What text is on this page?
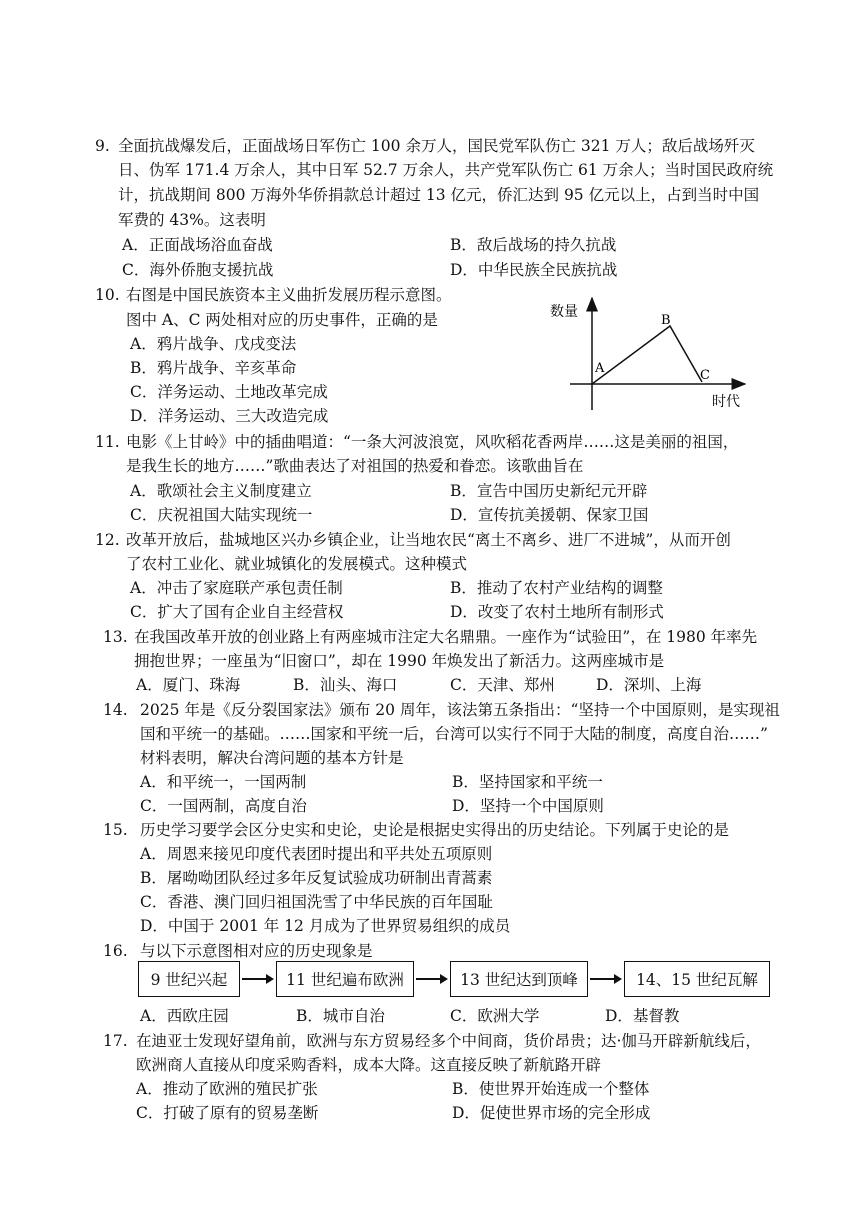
9. 全面抗战爆发后，正面战场日军伤亡 100 余万人，国民党军队伤亡 321 万人；敌后战场歼灭
日、伪军 171.4 万余人，其中日军 52.7 万余人，共产党军队伤亡 61 万余人；当时国民政府统
计，抗战期间 800 万海外华侨捐款总计超过 13 亿元，侨汇达到 95 亿元以上，占到当时中国
军费的 43%。这表明
A．正面战场浴血奋战	B．敌后战场的持久抗战
C．海外侨胞支援抗战	D．中华民族全民族抗战
10. 右图是中国民族资本主义曲折发展历程示意图。
图中 A、C 两处相对应的历史事件，正确的是
A．鸦片战争、戊戌变法
B．鸦片战争、辛亥革命
C．洋务运动、土地改革完成
D．洋务运动、三大改造完成
数量
时代
A
B
C
11. 电影《上甘岭》中的插曲唱道：“一条大河波浪宽，风吹稻花香两岸……这是美丽的祖国，
是我生长的地方……”歌曲表达了对祖国的热爱和眷恋。该歌曲旨在
A．歌颂社会主义制度建立	B．宣告中国历史新纪元开辟
C．庆祝祖国大陆实现统一	D．宣传抗美援朝、保家卫国
12. 改革开放后，盐城地区兴办乡镇企业，让当地农民“离土不离乡、进厂不进城”，从而开创
了农村工业化、就业城镇化的发展模式。这种模式
A．冲击了家庭联产承包责任制	B．推动了农村产业结构的调整
C．扩大了国有企业自主经营权	D．改变了农村土地所有制形式
13. 在我国改革开放的创业路上有两座城市注定大名鼎鼎。一座作为“试验田”，在 1980 年率先
拥抱世界；一座虽为“旧窗口”，却在 1990 年焕发出了新活力。这两座城市是
A．厦门、珠海	B．汕头、海口	C．天津、郑州	D．深圳、上海
14. 2025 年是《反分裂国家法》颁布 20 周年，该法第五条指出：“坚持一个中国原则，是实现祖
国和平统一的基础。……国家和平统一后，台湾可以实行不同于大陆的制度，高度自治……”
材料表明，解决台湾问题的基本方针是
A．和平统一，一国两制	B．坚持国家和平统一
C．一国两制，高度自治	D．坚持一个中国原则
15. 历史学习要学会区分史实和史论，史论是根据史实得出的历史结论。下列属于史论的是
A．周恩来接见印度代表团时提出和平共处五项原则
B．屠呦呦团队经过多年反复试验成功研制出青蒿素
C．香港、澳门回归祖国洗雪了中华民族的百年国耻
D．中国于 2001 年 12 月成为了世界贸易组织的成员
16. 与以下示意图相对应的历史现象是
9 世纪兴起	11 世纪遍布欧洲	13 世纪达到顶峰	14、15 世纪瓦解
A．西欧庄园	B．城市自治	C．欧洲大学	D．基督教
17. 在迪亚士发现好望角前，欧洲与东方贸易经多个中间商，货价昂贵；达·伽马开辟新航线后，
欧洲商人直接从印度采购香料，成本大降。这直接反映了新航路开辟
A．推动了欧洲的殖民扩张	B．使世界开始连成一个整体
C．打破了原有的贸易垄断	D．促使世界市场的完全形成
